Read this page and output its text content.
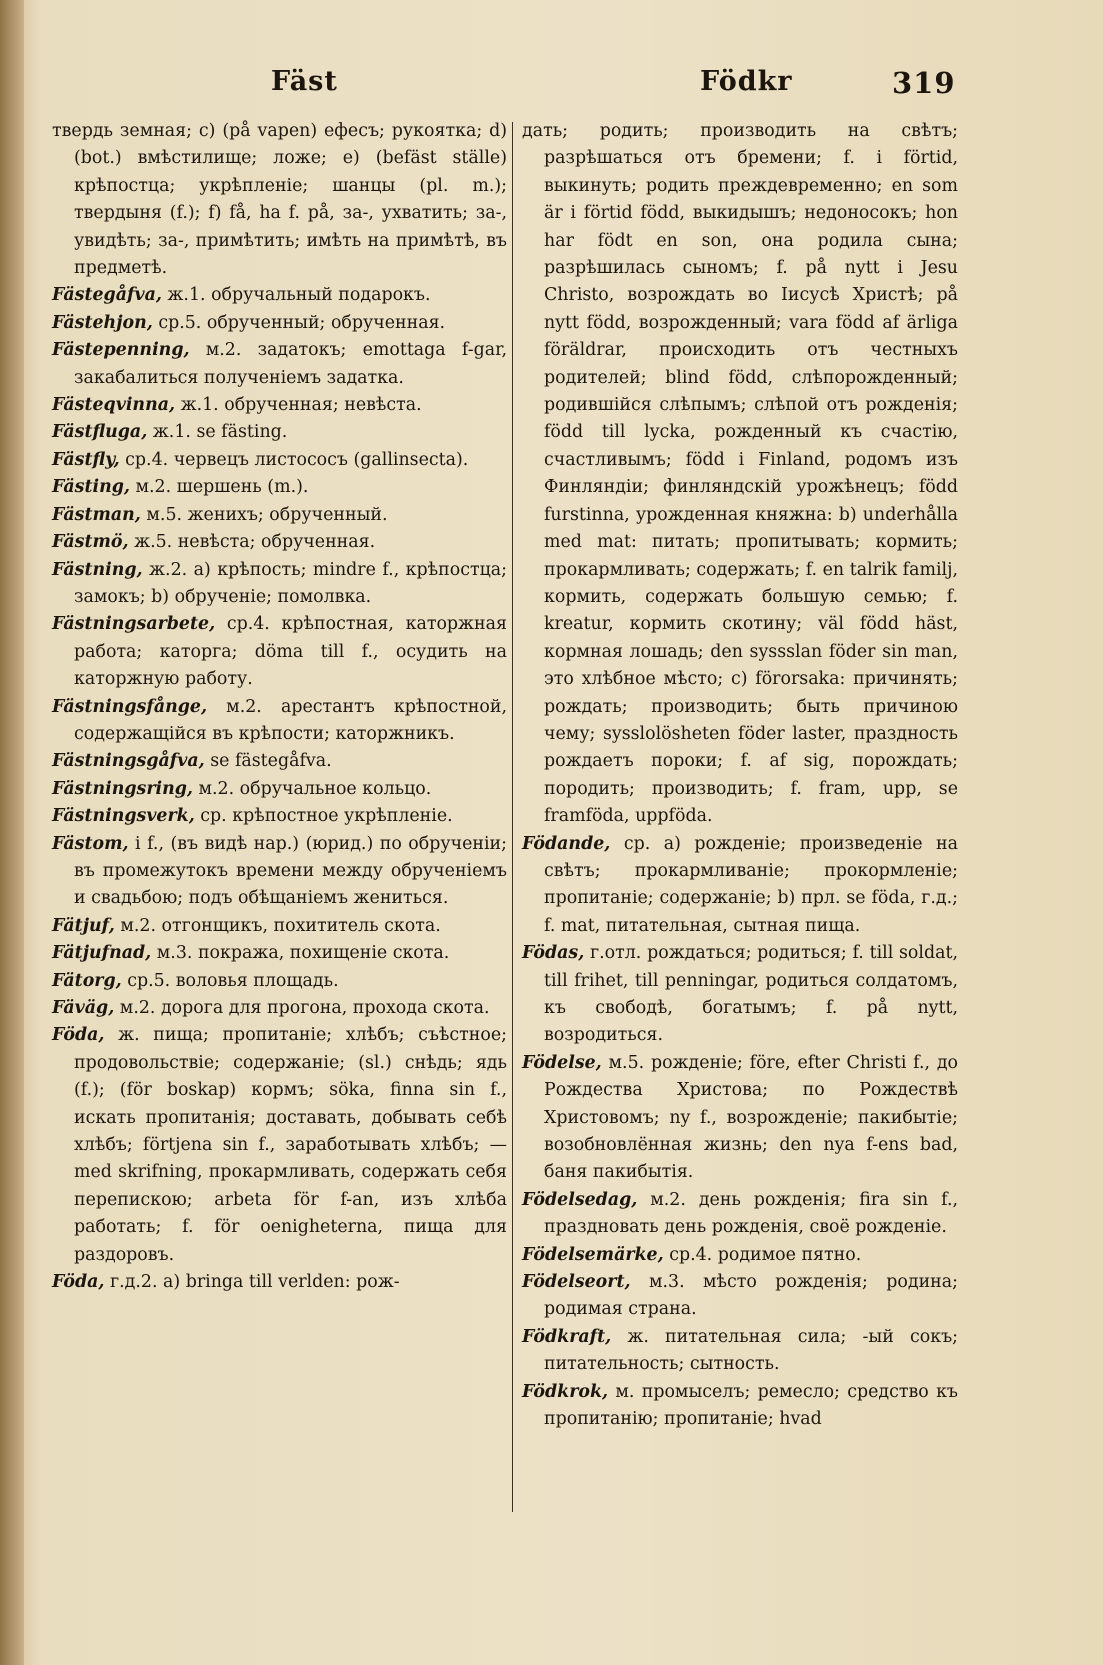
Fäst	Födkr	319

твердь земная; c) (på vapen) ефесъ; рукоятка; d) (bot.) вмѣстилище; ложе; e) (befäst ställe) крѣпостца; укрѣпленіе; шанцы (pl. m.); твердыня (f.); f) få, ha f. på, за-, ухватить; за-, увидѣть; за-, примѣтить; имѣть на примѣтѣ, въ предметѣ.

Fästegåfva, ж.1. обручальный подарокъ.

Fästehjon, ср.5. обрученный; обрученная.

Fästepenning, м.2. задатокъ; emottaga f-gar, закабалиться полученіемъ задатка.

Fästeqvinna, ж.1. обрученная; невѣста.

Fästfluga, ж.1. se fästing.

Fästfly, ср.4. червецъ листососъ (gallinsecta).

Fästing, м.2. шершень (m.).

Fästman, м.5. женихъ; обрученный.

Fästmö, ж.5. невѣста; обрученная.

Fästning, ж.2. a) крѣпость; mindre f., крѣпостца; замокъ; b) обрученіе; помолвка.

Fästningsarbete, ср.4. крѣпостная, каторжная работа; каторга; döma till f., осудить на каторжную работу.

Fästningsfånge, м.2. арестантъ крѣпостной, содержащійся въ крѣпости; каторжникъ.

Fästningsgåfva, se fästegåfva.

Fästningsring, м.2. обручальное кольцо.

Fästningsverk, ср. крѣпостное укрѣпленіе.

Fästom, i f., (въ видѣ нар.) (юрид.) по обрученіи; въ промежутокъ времени между обрученіемъ и свадьбою; подъ обѣщаніемъ жениться.

Fätjuf, м.2. отгонщикъ, похититель скота.

Fätjufnad, м.3. покража, похищеніе скота.

Fätorg, ср.5. воловья площадь.

Fäväg, м.2. дорога для прогона, прохода скота.

Föda, ж. пища; пропитаніе; хлѣбъ; съѣстное; продовольствіе; содержаніе; (sl.) снѣдь; ядь (f.); (för boskap) кормъ; söka, finna sin f., искать пропитанія; доставать, добывать себѣ хлѣбъ; förtjena sin f., заработывать хлѣбъ; — med skrifning, прокармливать, содержать себя перепискою; arbeta för f-an, изъ хлѣба работать; f. för oenigheterna, пища для раздоровъ.

Föda, г.д.2. a) bringa till verlden: рож-

дать; родить; производить на свѣтъ; разрѣшаться отъ бремени; f. i förtid, выкинуть; родить преждевременно; en som är i förtid född, выкидышъ; недоносокъ; hon har födt en son, она родила сына; разрѣшилась сыномъ; f. på nytt i Jesu Christo, возрождать во Іисусѣ Христѣ; på nytt född, возрожденный; vara född af ärliga föräldrar, происходить отъ честныхъ родителей; blind född, слѣпорожденный; родившійся слѣпымъ; слѣпой отъ рожденія; född till lycka, рожденный къ счастію, счастливымъ; född i Finland, родомъ изъ Финляндіи; финляндскій урожѣнецъ; född furstinna, урожденная княжна: b) underhålla med mat: питать; пропитывать; кормить; прокармливать; содержать; f. en talrik familj, кормить, содержать большую семью; f. kreatur, кормить скотину; väl född häst, кормная лошадь; den syssslan föder sin man, это хлѣбное мѣсто; c) förorsaka: причинять; рождать; производить; быть причиною чему; sysslolösheten föder laster, праздность рождаетъ пороки; f. af sig, порождать; породить; производить; f. fram, upp, se framföda, uppföda.

Födande, ср. a) рожденіе; произведеніе на свѣтъ; прокармливаніе; прокормленіе; пропитаніе; содержаніе; b) прл. se föda, г.д.; f. mat, питательная, сытная пища.

Födas, г.отл. рождаться; родиться; f. till soldat, till frihet, till penningar, родиться солдатомъ, къ свободѣ, богатымъ; f. på nytt, возродиться.

Födelse, м.5. рожденіе; före, efter Christi f., до Рождества Христова; по Рождествѣ Христовомъ; ny f., возрожденіе; пакибытіе; возобновлённая жизнь; den nya f-ens bad, баня пакибытія.

Födelsedag, м.2. день рожденія; fira sin f., праздновать день рожденія, своё рожденіе.

Födelsemärke, ср.4. родимое пятно.

Födelseort, м.3. мѣсто рожденія; родина; родимая страна.

Födkraft, ж. питательная сила; -ый сокъ; питательность; сытность.

Födkrok, м. промыселъ; ремесло; средство къ пропитанію; пропитаніе; hvad
